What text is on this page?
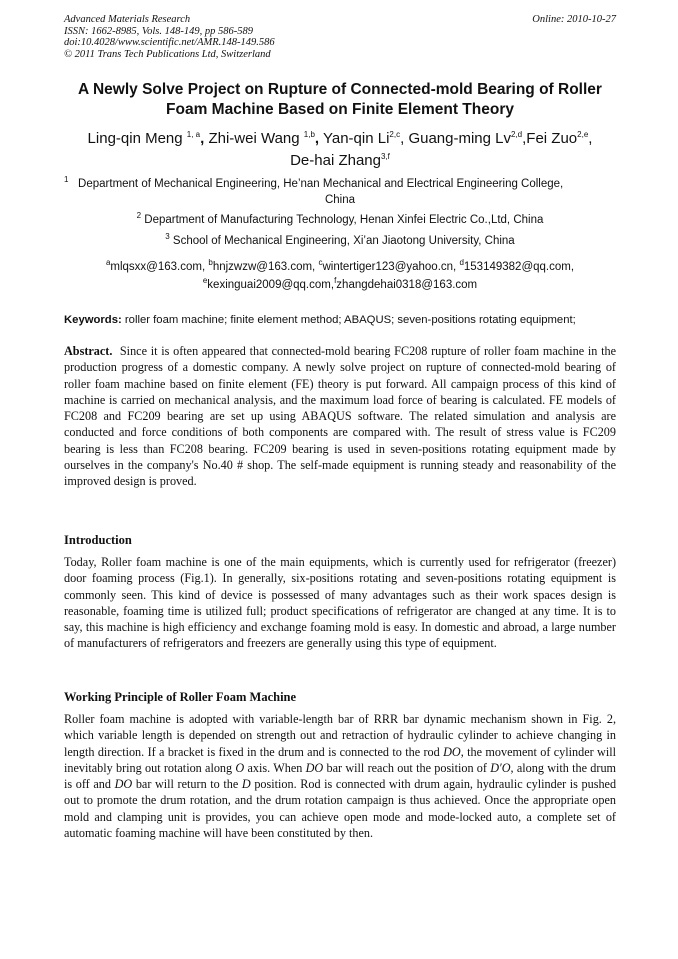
Advanced Materials Research
ISSN: 1662-8985, Vols. 148-149, pp 586-589
doi:10.4028/www.scientific.net/AMR.148-149.586
© 2011 Trans Tech Publications Ltd, Switzerland
Online: 2010-10-27
A Newly Solve Project on Rupture of Connected-mold Bearing of Roller
Foam Machine Based on Finite Element Theory
Ling-qin Meng $^{1, a}$, Zhi-wei Wang $^{1,b}$, Yan-qin Li$^{2,c}$, Guang-ming Lv$^{2,d}$,Fei Zuo$^{2,e}$,
De-hai Zhang$^{3,f}$
$^1$ Department of Mechanical Engineering, He’nan Mechanical and Electrical Engineering College,
China
$^2$ Department of Manufacturing Technology, Henan Xinfei Electric Co.,Ltd, China
$^3$ School of Mechanical Engineering, Xi’an Jiaotong University, China
$^a$mlqsxx@163.com, $^b$hnjzwzw@163.com, $^c$wintertiger123@yahoo.cn, $^d$153149382@qq.com,
$^e$kexinguai2009@qq.com,$^f$zhangdehai0318@163.com
Keywords: roller foam machine; finite element method; ABAQUS; seven-positions rotating equipment;
Abstract. Since it is often appeared that connected-mold bearing FC208 rupture of roller foam machine in the production progress of a domestic company. A newly solve project on rupture of connected-mold bearing of roller foam machine based on finite element (FE) theory is put forward. All campaign process of this kind of machine is carried on mechanical analysis, and the maximum load force of bearing is calculated. FE models of FC208 and FC209 bearing are set up using ABAQUS software. The related simulation and analysis are conducted and force conditions of both components are compared with. The result of stress value is FC209 bearing is less than FC208 bearing. FC209 bearing is used in seven-positions rotating equipment made by ourselves in the company's No.40 # shop. The self-made equipment is running steady and reasonability of the improved design is proved.
Introduction
Today, Roller foam machine is one of the main equipments, which is currently used for refrigerator (freezer) door foaming process (Fig.1). In generally, six-positions rotating and seven-positions rotating equipment is commonly seen. This kind of device is possessed of many advantages such as their work spaces design is reasonable, foaming time is utilized full; product specifications of refrigerator are changed at any time. It is to say, this machine is high efficiency and exchange foaming mold is easy. In domestic and abroad, a large number of manufacturers of refrigerators and freezers are generally using this type of equipment.
Working Principle of Roller Foam Machine
Roller foam machine is adopted with variable-length bar of RRR bar dynamic mechanism shown in Fig. 2, which variable length is depended on strength out and retraction of hydraulic cylinder to achieve changing in length direction. If a bracket is fixed in the drum and is connected to the rod DO, the movement of cylinder will inevitably bring out rotation along O axis. When DO bar will reach out the position of D′O, along with the drum is off and DO bar will return to the D position. Rod is connected with drum again, hydraulic cylinder is pushed out to promote the drum rotation, and the drum rotation campaign is thus achieved. Once the appropriate open mold and clamping unit is provides, you can achieve open mode and mode-locked auto, a complete set of automatic foaming machine will have been constituted by then.
